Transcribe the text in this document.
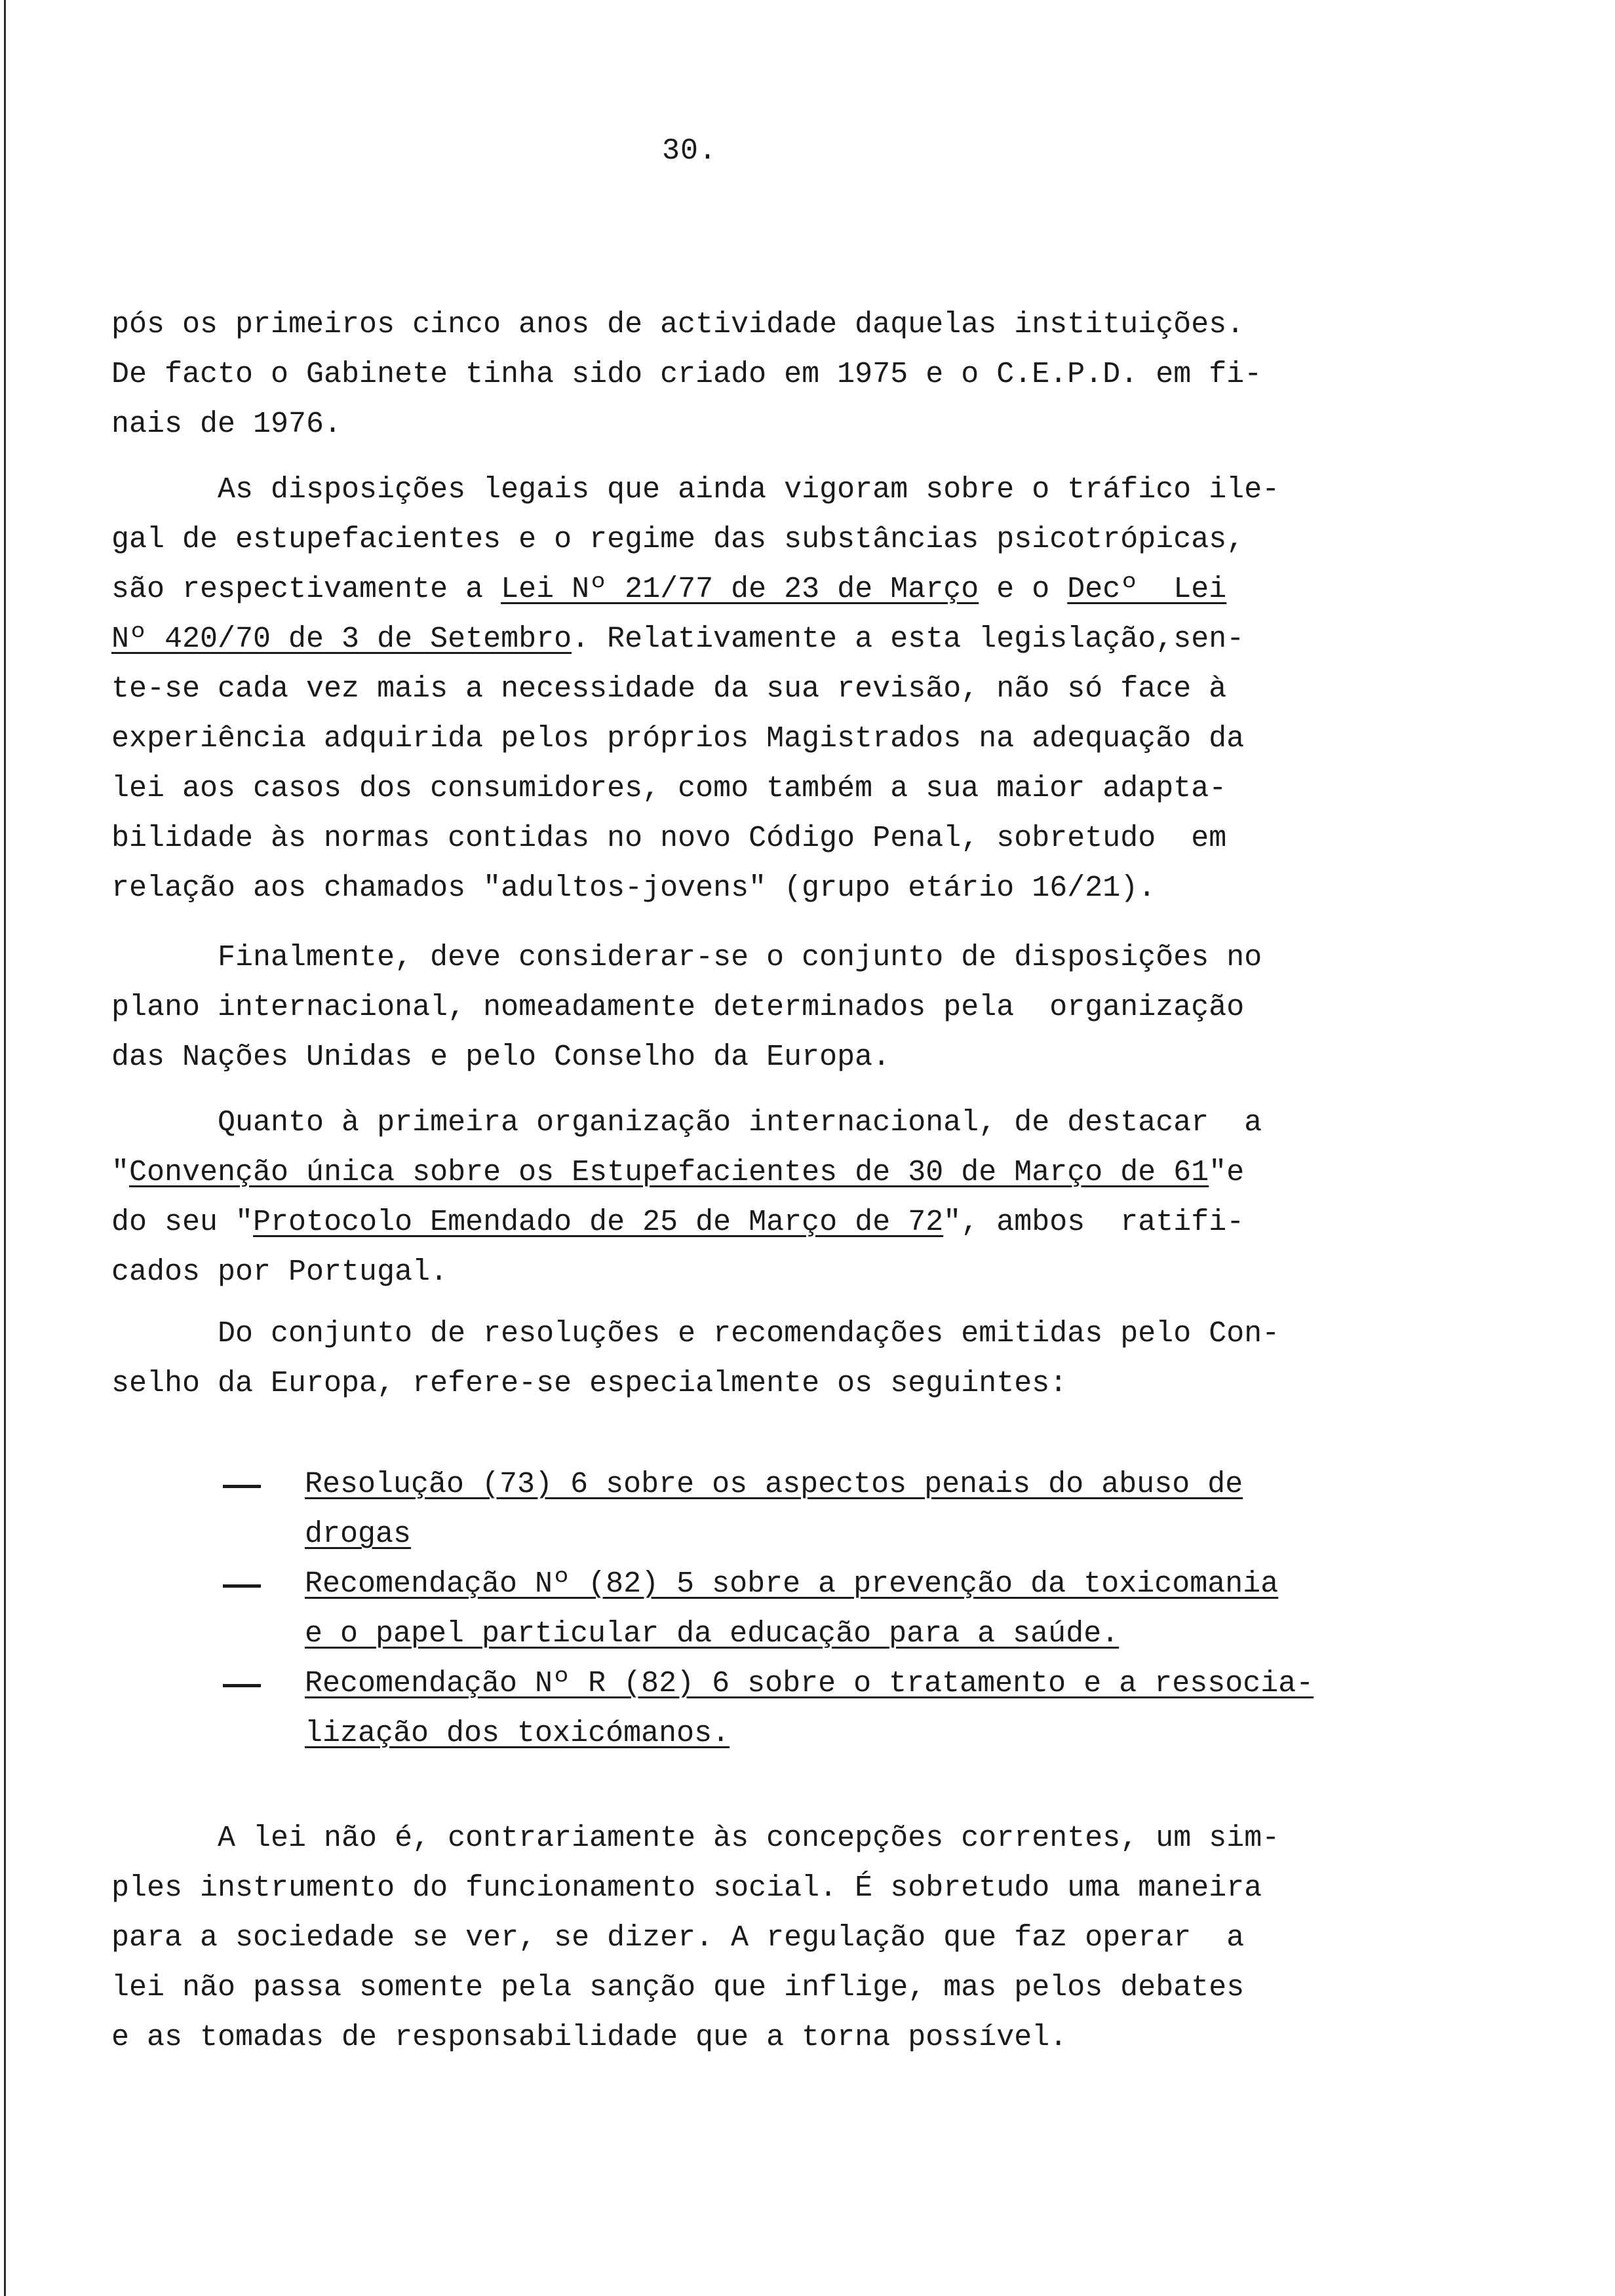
30.

pós os primeiros cinco anos de actividade daquelas instituições.
De facto o Gabinete tinha sido criado em 1975 e o C.E.P.D. em fi-
nais de 1976.

As disposições legais que ainda vigoram sobre o tráfico ile-
gal de estupefacientes e o regime das substâncias psicotrópicas,
são respectivamente a Lei Nº 21/77 de 23 de Março e o Decº  Lei
Nº 420/70 de 3 de Setembro. Relativamente a esta legislação,sen-
te-se cada vez mais a necessidade da sua revisão, não só face à
experiência adquirida pelos próprios Magistrados na adequação da
lei aos casos dos consumidores, como também a sua maior adapta-
bilidade às normas contidas no novo Código Penal, sobretudo  em
relação aos chamados "adultos-jovens" (grupo etário 16/21).

Finalmente, deve considerar-se o conjunto de disposições no
plano internacional, nomeadamente determinados pela  organização
das Nações Unidas e pelo Conselho da Europa.

Quanto à primeira organização internacional, de destacar  a
"Convenção única sobre os Estupefacientes de 30 de Março de 61"e
do seu "Protocolo Emendado de 25 de Março de 72", ambos  ratifi-
cados por Portugal.

Do conjunto de resoluções e recomendações emitidas pelo Con-
selho da Europa, refere-se especialmente os seguintes:

Resolução (73) 6 sobre os aspectos penais do abuso de
drogas
Recomendação Nº (82) 5 sobre a prevenção da toxicomania
e o papel particular da educação para a saúde.
Recomendação Nº R (82) 6 sobre o tratamento e a ressocia-
lização dos toxicómanos.

A lei não é, contrariamente às concepções correntes, um sim-
ples instrumento do funcionamento social. É sobretudo uma maneira
para a sociedade se ver, se dizer. A regulação que faz operar  a
lei não passa somente pela sanção que inflige, mas pelos debates
e as tomadas de responsabilidade que a torna possível.
